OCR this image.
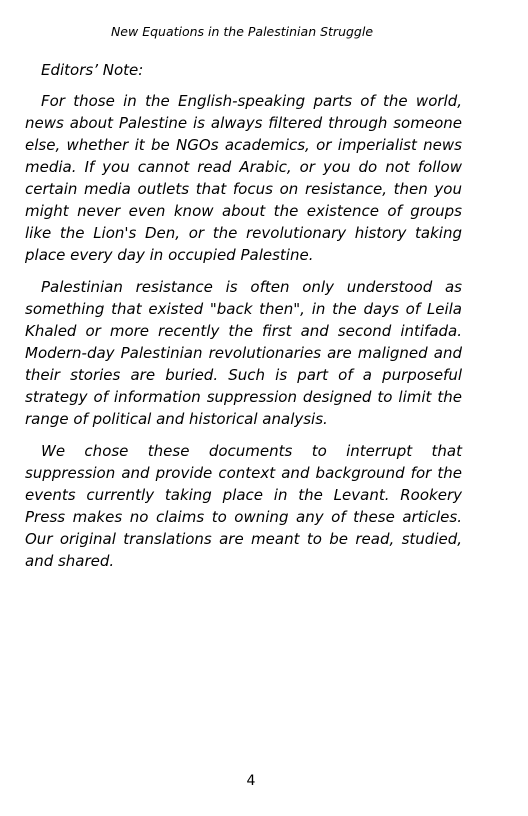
New Equations in the Palestinian Struggle

Editors’ Note:

For those in the English-speaking parts of the world, news about Palestine is always filtered through someone else, whether it be NGOs academics, or imperialist news media. If you cannot read Arabic, or you do not follow certain media outlets that focus on resistance, then you might never even know about the existence of groups like the Lion's Den, or the revolutionary history taking place every day in occupied Palestine.

Palestinian resistance is often only understood as something that existed "back then", in the days of Leila Khaled or more recently the first and second intifada. Modern-day Palestinian revolutionaries are maligned and their stories are buried. Such is part of a purposeful strategy of information suppression designed to limit the range of political and historical analysis.

We chose these documents to interrupt that suppression and provide context and background for the events currently taking place in the Levant. Rookery Press makes no claims to owning any of these articles. Our original translations are meant to be read, studied, and shared.

4
